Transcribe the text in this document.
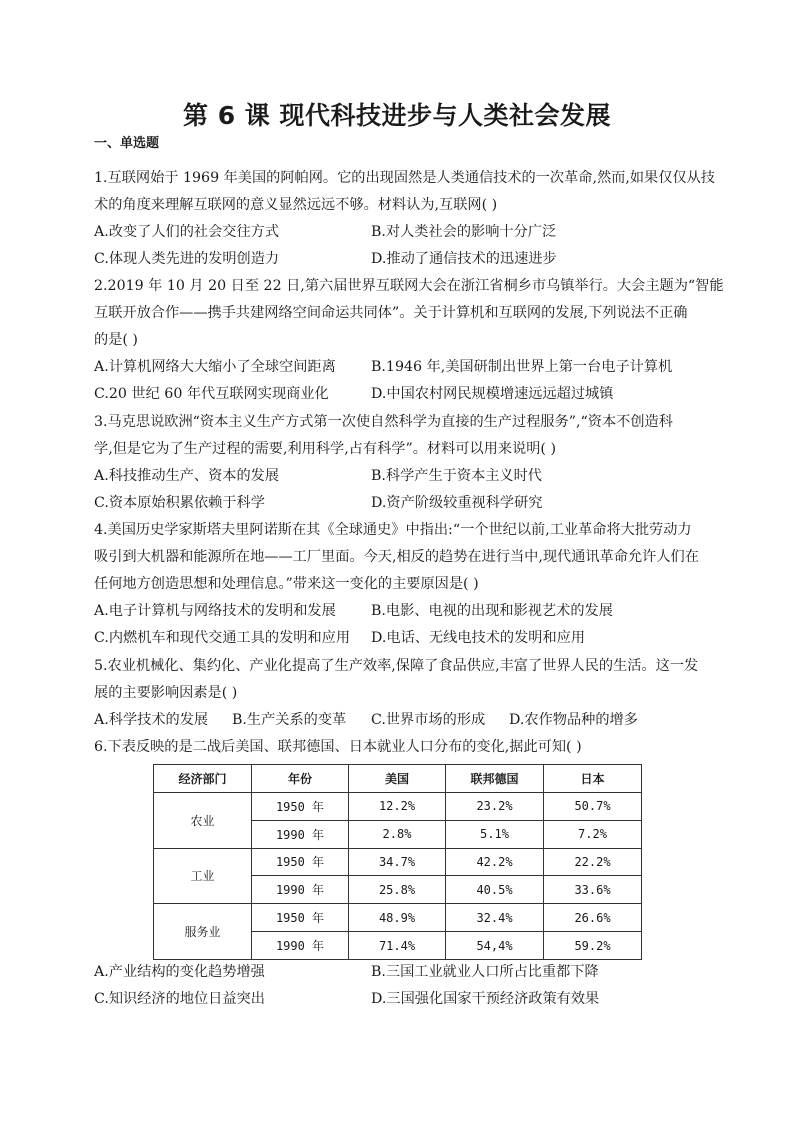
第 6 课 现代科技进步与人类社会发展
一、单选题
1.互联网始于 1969 年美国的阿帕网。它的出现固然是人类通信技术的一次革命,然而,如果仅仅从技
术的角度来理解互联网的意义显然远远不够。材料认为,互联网( )
A.改变了人们的社会交往方式	B.对人类社会的影响十分广泛
C.体现人类先进的发明创造力	D.推动了通信技术的迅速进步
2.2019 年 10 月 20 日至 22 日,第六届世界互联网大会在浙江省桐乡市乌镇举行。大会主题为“智能
互联开放合作——携手共建网络空间命运共同体”。关于计算机和互联网的发展,下列说法不正确
的是( )
A.计算机网络大大缩小了全球空间距离 B.1946 年,美国研制出世界上第一台电子计算机
C.20 世纪 60 年代互联网实现商业化	D.中国农村网民规模增速远远超过城镇
3.马克思说欧洲“资本主义生产方式第一次使自然科学为直接的生产过程服务”,“资本不创造科
学,但是它为了生产过程的需要,利用科学,占有科学”。材料可以用来说明( )
A.科技推动生产、资本的发展	B.科学产生于资本主义时代
C.资本原始积累依赖于科学	D.资产阶级较重视科学研究
4.美国历史学家斯塔夫里阿诺斯在其《全球通史》中指出:“一个世纪以前,工业革命将大批劳动力
吸引到大机器和能源所在地——工厂里面。今天,相反的趋势在进行当中,现代通讯革命允许人们在
任何地方创造思想和处理信息。”带来这一变化的主要原因是( )
A.电子计算机与网络技术的发明和发展 B.电影、电视的出现和影视艺术的发展
C.内燃机车和现代交通工具的发明和应用 D.电话、无线电技术的发明和应用
5.农业机械化、集约化、产业化提高了生产效率,保障了食品供应,丰富了世界人民的生活。这一发
展的主要影响因素是( )
A.科学技术的发展 B.生产关系的变革 C.世界市场的形成 D.农作物品种的增多
6.下表反映的是二战后美国、联邦德国、日本就业人口分布的变化,据此可知( )
经济部门	年份	美国	联邦德国	日本
农业	1950 年	12.2%	23.2%	50.7%
	1990 年	2.8%	5.1%	7.2%
工业	1950 年	34.7%	42.2%	22.2%
	1990 年	25.8%	40.5%	33.6%
服务业	1950 年	48.9%	32.4%	26.6%
	1990 年	71.4%	54,4%	59.2%
A.产业结构的变化趋势增强	B.三国工业就业人口所占比重都下降
C.知识经济的地位日益突出	D.三国强化国家干预经济政策有效果
